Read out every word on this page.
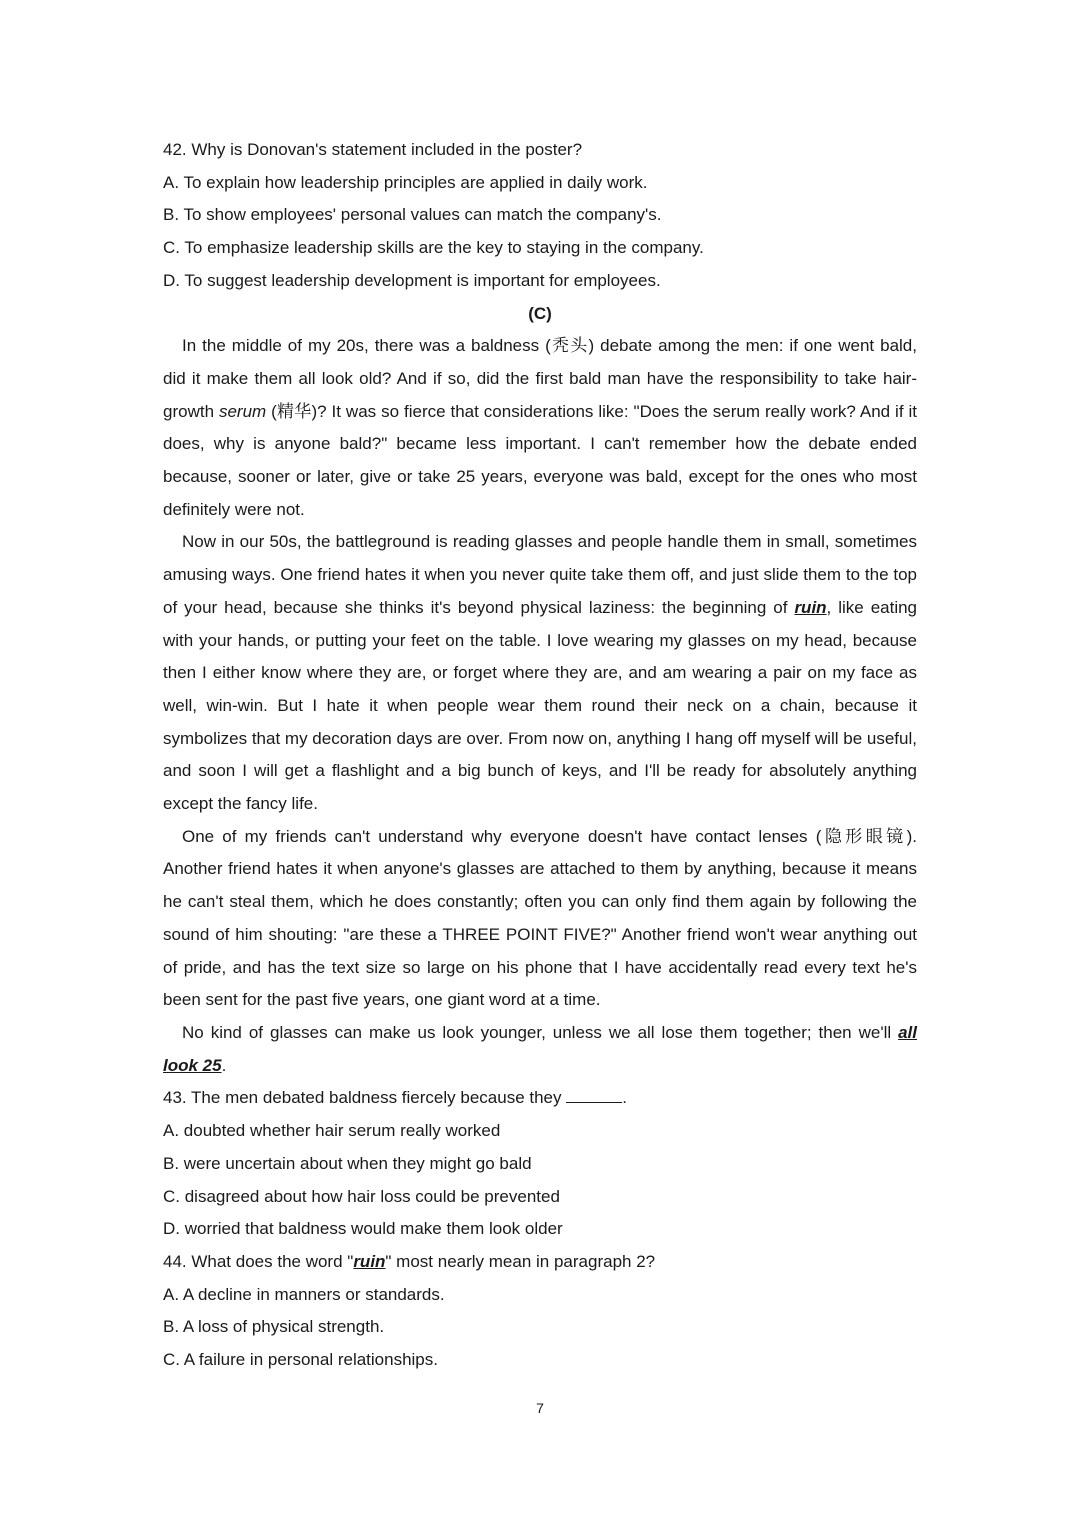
42. Why is Donovan's statement included in the poster?

A. To explain how leadership principles are applied in daily work.

B. To show employees' personal values can match the company's.

C. To emphasize leadership skills are the key to staying in the company.

D. To suggest leadership development is important for employees.

(C)

In the middle of my 20s, there was a baldness (秃头) debate among the men: if one went bald, did it make them all look old? And if so, did the first bald man have the responsibility to take hair-growth serum (精华)? It was so fierce that considerations like: "Does the serum really work? And if it does, why is anyone bald?" became less important. I can't remember how the debate ended because, sooner or later, give or take 25 years, everyone was bald, except for the ones who most definitely were not.

Now in our 50s, the battleground is reading glasses and people handle them in small, sometimes amusing ways. One friend hates it when you never quite take them off, and just slide them to the top of your head, because she thinks it's beyond physical laziness: the beginning of ruin, like eating with your hands, or putting your feet on the table. I love wearing my glasses on my head, because then I either know where they are, or forget where they are, and am wearing a pair on my face as well, win-win. But I hate it when people wear them round their neck on a chain, because it symbolizes that my decoration days are over. From now on, anything I hang off myself will be useful, and soon I will get a flashlight and a big bunch of keys, and I'll be ready for absolutely anything except the fancy life.

One of my friends can't understand why everyone doesn't have contact lenses (隐形眼镜). Another friend hates it when anyone's glasses are attached to them by anything, because it means he can't steal them, which he does constantly; often you can only find them again by following the sound of him shouting: "are these a THREE POINT FIVE?" Another friend won't wear anything out of pride, and has the text size so large on his phone that I have accidentally read every text he's been sent for the past five years, one giant word at a time.

No kind of glasses can make us look younger, unless we all lose them together; then we'll all look 25.

43. The men debated baldness fiercely because they	.

A. doubted whether hair serum really worked

B. were uncertain about when they might go bald

C. disagreed about how hair loss could be prevented

D. worried that baldness would make them look older

44. What does the word "ruin" most nearly mean in paragraph 2?

A. A decline in manners or standards.

B. A loss of physical strength.

C. A failure in personal relationships.

7
